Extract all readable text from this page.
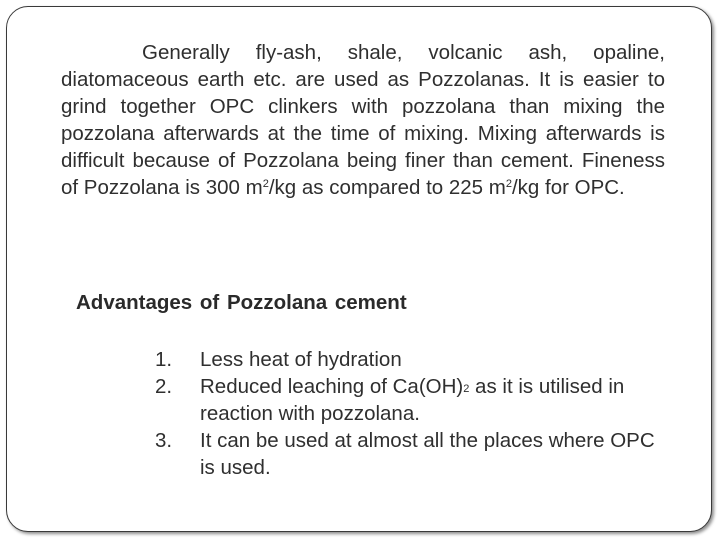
Generally fly-ash, shale, volcanic ash, opaline, diatomaceous earth etc. are used as Pozzolanas. It is easier to grind together OPC clinkers with pozzolana than mixing the pozzolana afterwards at the time of mixing. Mixing afterwards is difficult because of Pozzolana being finer than cement. Fineness of Pozzolana is 300 $m^2/kg$ as compared to 225 $m^2/kg$ for OPC.

Advantages of Pozzolana cement
1.	Less heat of hydration
2.	Reduced leaching of $Ca(OH)_2$ as it is utilised in reaction with pozzolana.
3.	It can be used at almost all the places where OPC is used.
